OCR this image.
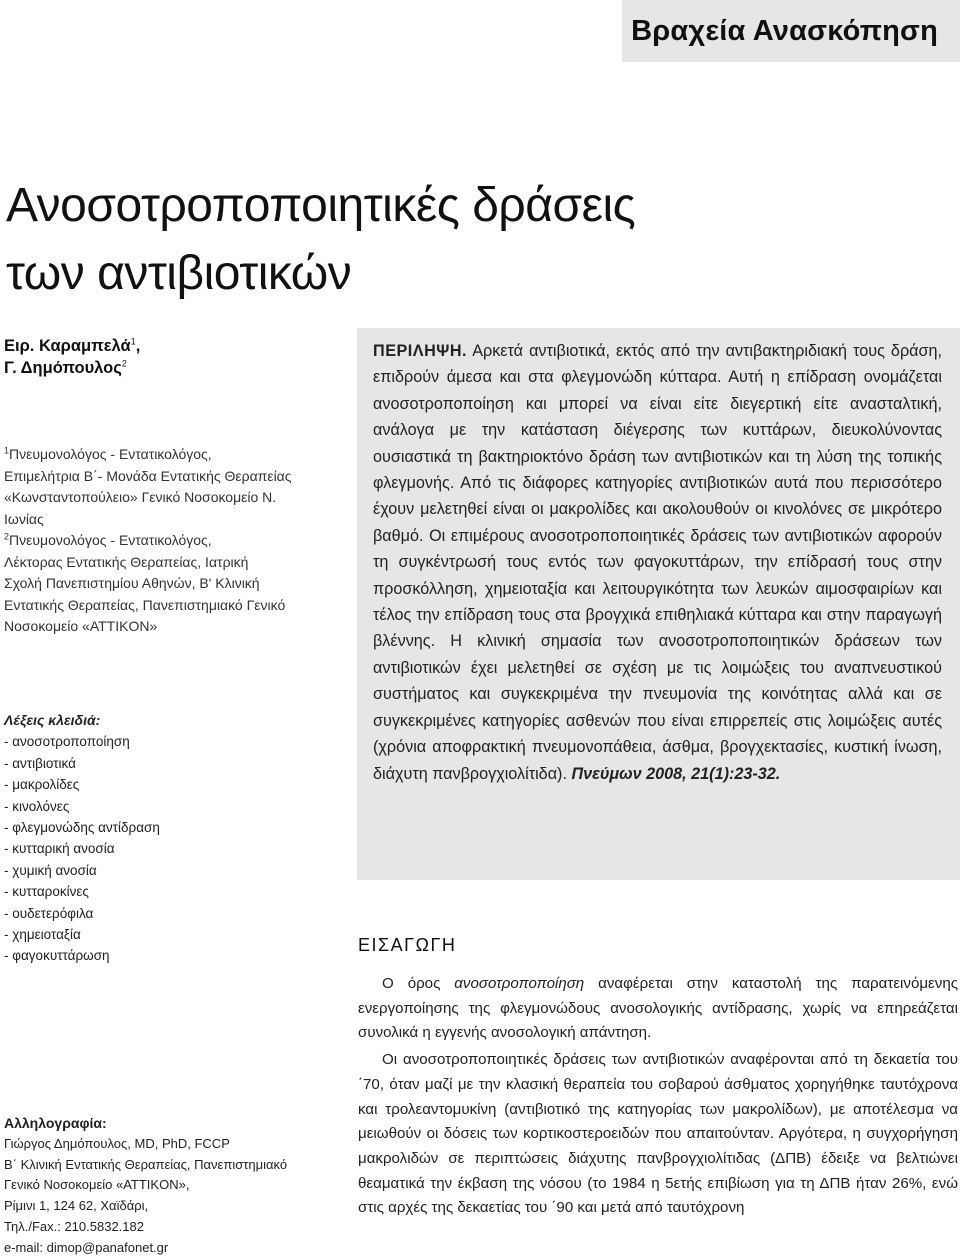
Βραχεία Ανασκόπηση
Ανοσοτροποποιητικές δράσεις
των αντιβιοτικών
Ειρ. Καραμπελά$^1$,
Γ. Δημόπουλος$^2$
$^1$Πνευμονολόγος - Εντατικολόγος,
Επιμελήτρια Β΄- Μονάδα Εντατικής Θεραπείας
«Κωνσταντοπούλειο» Γενικό Νοσοκομείο Ν.
Ιωνίας
$^2$Πνευμονολόγος - Εντατικολόγος,
Λέκτορας Εντατικής Θεραπείας, Ιατρική
Σχολή Πανεπιστημίου Αθηνών, Β' Κλινική
Εντατικής Θεραπείας, Πανεπιστημιακό Γενικό
Νοσοκομείο «ATTIKON»
Λέξεις κλειδιά:
- ανοσοτροποποίηση
- αντιβιοτικά
- μακρολίδες
- κινολόνες
- φλεγμονώδης αντίδραση
- κυτταρική ανοσία
- χυμική ανοσία
- κυτταροκίνες
- ουδετερόφιλα
- χημειοταξία
- φαγοκυττάρωση
Αλληλογραφία:
Γιώργος Δημόπουλος, MD, PhD, FCCP
Β΄ Κλινική Εντατικής Θεραπείας, Πανεπιστημιακό
Γενικό Νοσοκομείο «ATTIKON»,
Ρίμινι 1, 124 62, Χαϊδάρι,
Τηλ./Fax.: 210.5832.182
e-mail: dimop@panafonet.gr

ΠΕΡΙΛΗΨΗ. Αρκετά αντιβιοτικά, εκτός από την αντιβακτηριδιακή τους δράση, επιδρούν άμεσα και στα φλεγμονώδη κύτταρα. Αυτή η επίδραση ονομάζεται ανοσοτροποποίηση και μπορεί να είναι είτε διεγερτική είτε ανασταλτική, ανάλογα με την κατάσταση διέγερσης των κυττάρων, διευκολύνοντας ουσιαστικά τη βακτηριοκτόνο δράση των αντιβιοτικών και τη λύση της τοπικής φλεγμονής. Από τις διάφορες κατηγορίες αντιβιοτικών αυτά που περισσότερο έχουν μελετηθεί είναι οι μακρολίδες και ακολουθούν οι κινολόνες σε μικρότερο βαθμό. Οι επιμέρους ανοσοτροποποιητικές δράσεις των αντιβιοτικών αφορούν τη συγκέντρωσή τους εντός των φαγοκυττάρων, την επίδρασή τους στην προσκόλληση, χημειοταξία και λειτουργικότητα των λευκών αιμοσφαιρίων και τέλος την επίδραση τους στα βρογχικά επιθηλιακά κύτταρα και στην παραγωγή βλέννης. Η κλινική σημασία των ανοσοτροποποιητικών δράσεων των αντιβιοτικών έχει μελετηθεί σε σχέση με τις λοιμώξεις του αναπνευστικού συστήματος και συγκεκριμένα την πνευμονία της κοινότητας αλλά και σε συγκεκριμένες κατηγορίες ασθενών που είναι επιρρεπείς στις λοιμώξεις αυτές (χρόνια αποφρακτική πνευμονοπάθεια, άσθμα, βρογχεκτασίες, κυστική ίνωση, διάχυτη πανβρογχιολίτιδα). Πνεύμων 2008, 21(1):23-32.

ΕΙΣΑΓΩΓΗ

Ο όρος ανοσοτροποποίηση αναφέρεται στην καταστολή της παρατεινόμενης ενεργοποίησης της φλεγμονώδους ανοσολογικής αντίδρασης, χωρίς να επηρεάζεται συνολικά η εγγενής ανοσολογική απάντηση.

Οι ανοσοτροποποιητικές δράσεις των αντιβιοτικών αναφέρονται από τη δεκαετία του ΄70, όταν μαζί με την κλασική θεραπεία του σοβαρού άσθματος χορηγήθηκε ταυτόχρονα και τρολεαντομυκίνη (αντιβιοτικό της κατηγορίας των μακρολίδων), με αποτέλεσμα να μειωθούν οι δόσεις των κορτικοστεροειδών που απαιτούνταν. Αργότερα, η συγχορήγηση μακρολιδών σε περιπτώσεις διάχυτης πανβρογχιολίτιδας (ΔΠΒ) έδειξε να βελτιώνει θεαματικά την έκβαση της νόσου (το 1984 η 5ετής επιβίωση για τη ΔΠΒ ήταν 26%, ενώ στις αρχές της δεκαετίας του ΄90 και μετά από ταυτόχρονη
